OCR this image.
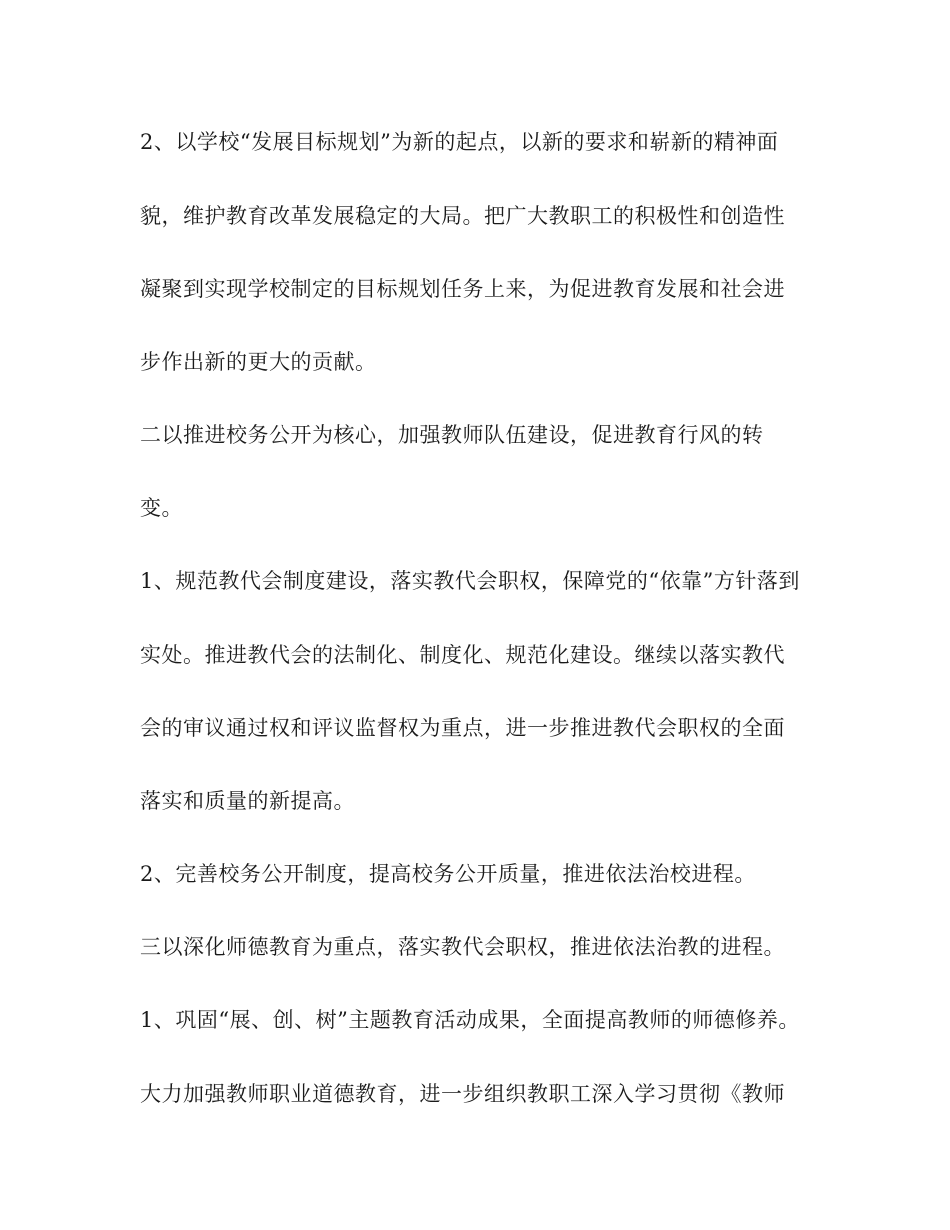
2、以学校“发展目标规划”为新的起点，以新的要求和崭新的精神面
貌，维护教育改革发展稳定的大局。把广大教职工的积极性和创造性
凝聚到实现学校制定的目标规划任务上来，为促进教育发展和社会进
步作出新的更大的贡献。
二以推进校务公开为核心，加强教师队伍建设，促进教育行风的转
变。
1、规范教代会制度建设，落实教代会职权，保障党的“依靠”方针落到
实处。推进教代会的法制化、制度化、规范化建设。继续以落实教代
会的审议通过权和评议监督权为重点，进一步推进教代会职权的全面
落实和质量的新提高。
2、完善校务公开制度，提高校务公开质量，推进依法治校进程。
三以深化师德教育为重点，落实教代会职权，推进依法治教的进程。
1、巩固“展、创、树”主题教育活动成果，全面提高教师的师德修养。
大力加强教师职业道德教育，进一步组织教职工深入学习贯彻《教师
